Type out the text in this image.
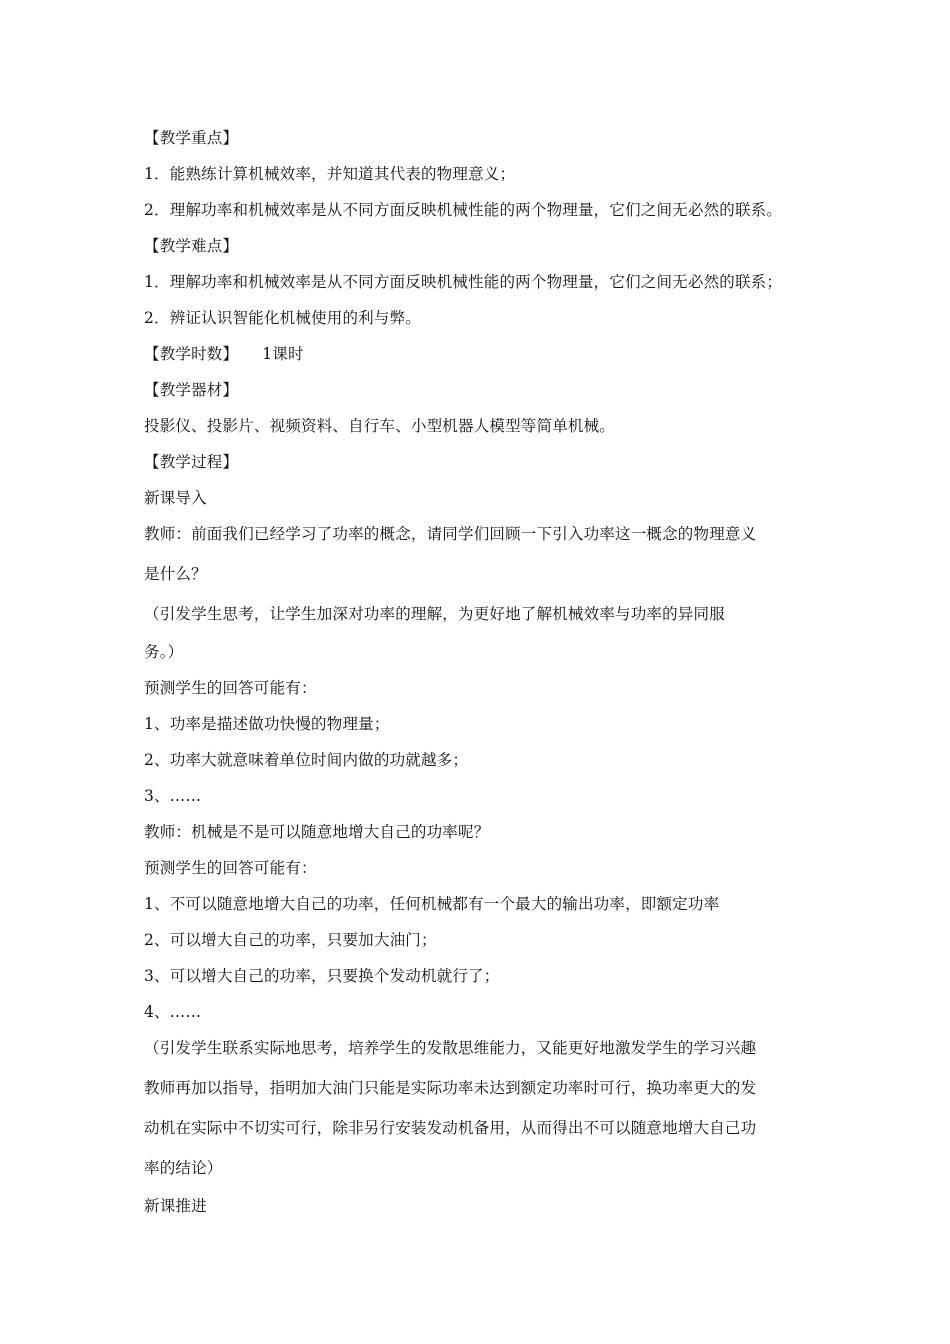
【教学重点】
1．能熟练计算机械效率，并知道其代表的物理意义；
2．理解功率和机械效率是从不同方面反映机械性能的两个物理量，它们之间无必然的联系。
【教学难点】
1．理解功率和机械效率是从不同方面反映机械性能的两个物理量，它们之间无必然的联系；
2．辨证认识智能化机械使用的利与弊。
【教学时数】 1课时
【教学器材】
投影仪、投影片、视频资料、自行车、小型机器人模型等简单机械。
【教学过程】
新课导入
教师：前面我们已经学习了功率的概念，请同学们回顾一下引入功率这一概念的物理意义
是什么？
（引发学生思考，让学生加深对功率的理解，为更好地了解机械效率与功率的异同服
务。）
预测学生的回答可能有：
1、功率是描述做功快慢的物理量；
2、功率大就意味着单位时间内做的功就越多；
3、……
教师：机械是不是可以随意地增大自己的功率呢？
预测学生的回答可能有：
1、不可以随意地增大自己的功率，任何机械都有一个最大的输出功率，即额定功率
2、可以增大自己的功率，只要加大油门；
3、可以增大自己的功率，只要换个发动机就行了；
4、……
（引发学生联系实际地思考，培养学生的发散思维能力，又能更好地激发学生的学习兴趣
教师再加以指导，指明加大油门只能是实际功率未达到额定功率时可行，换功率更大的发
动机在实际中不切实可行，除非另行安装发动机备用，从而得出不可以随意地增大自己功
率的结论）
新课推进
